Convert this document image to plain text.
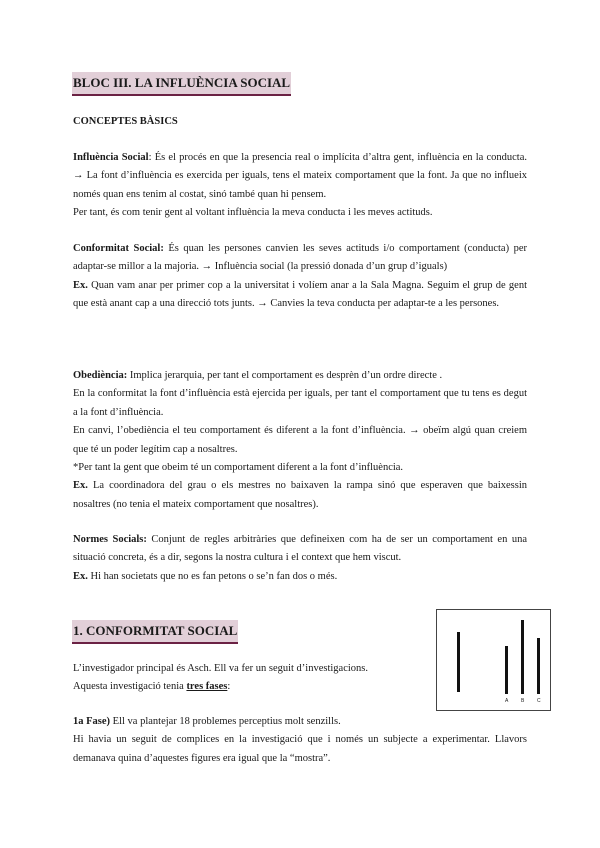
BLOC III. LA INFLUÈNCIA SOCIAL
CONCEPTES BÀSICS

Influència Social: És el procés en que la presencia real o implícita d’altra gent, influència en la conducta. → La font d’influència es exercida per iguals, tens el mateix comportament que la font. Ja que no influeix només quan ens tenim al costat, sinó també quan hi pensem.

Per tant, és com tenir gent al voltant influència la meva conducta i les meves actituds.

Conformitat Social: És quan les persones canvien les seves actituds i/o comportament (conducta) per adaptar-se millor a la majoria. → Influència social (la pressió donada d’un grup d’iguals)

Ex. Quan vam anar per primer cop a la universitat i volíem anar a la Sala Magna. Seguim el grup de gent que està anant cap a una direcció tots junts. → Canvies la teva conducta per adaptar-te a les persones.

Obediència: Implica jerarquia, per tant el comportament es desprèn d’un ordre directe .

En la conformitat la font d’influència està ejercida per iguals, per tant el comportament que tu tens es degut a la font d’influència.

En canvi, l’obediència el teu comportament és diferent a la font d’influència. → obeïm algú quan creiem que té un poder legítim cap a nosaltres.

*Per tant la gent que obeim té un comportament diferent a la font d’influència.

Ex. La coordinadora del grau o els mestres no baixaven la rampa sinó que esperaven que baixessin nosaltres (no tenia el mateix comportament que nosaltres).

Normes Socials: Conjunt de regles arbitràries que defineixen com ha de ser un comportament en una situació concreta, és a dir, segons la nostra cultura i el context que hem viscut.

Ex. Hi han societats que no es fan petons o se’n fan dos o més.

1. CONFORMITAT SOCIAL

L’investigador principal és Asch. Ell va fer un seguit d’investigacions.

Aquesta investigació tenia tres fases:

1a Fase) Ell va plantejar 18 problemes perceptius molt senzills.

Hi havia un seguit de complices en la investigació que i només un subjecte a experimentar. Llavors demanava quina d’aquestes figures era igual que la “mostra”.

A	B	C
